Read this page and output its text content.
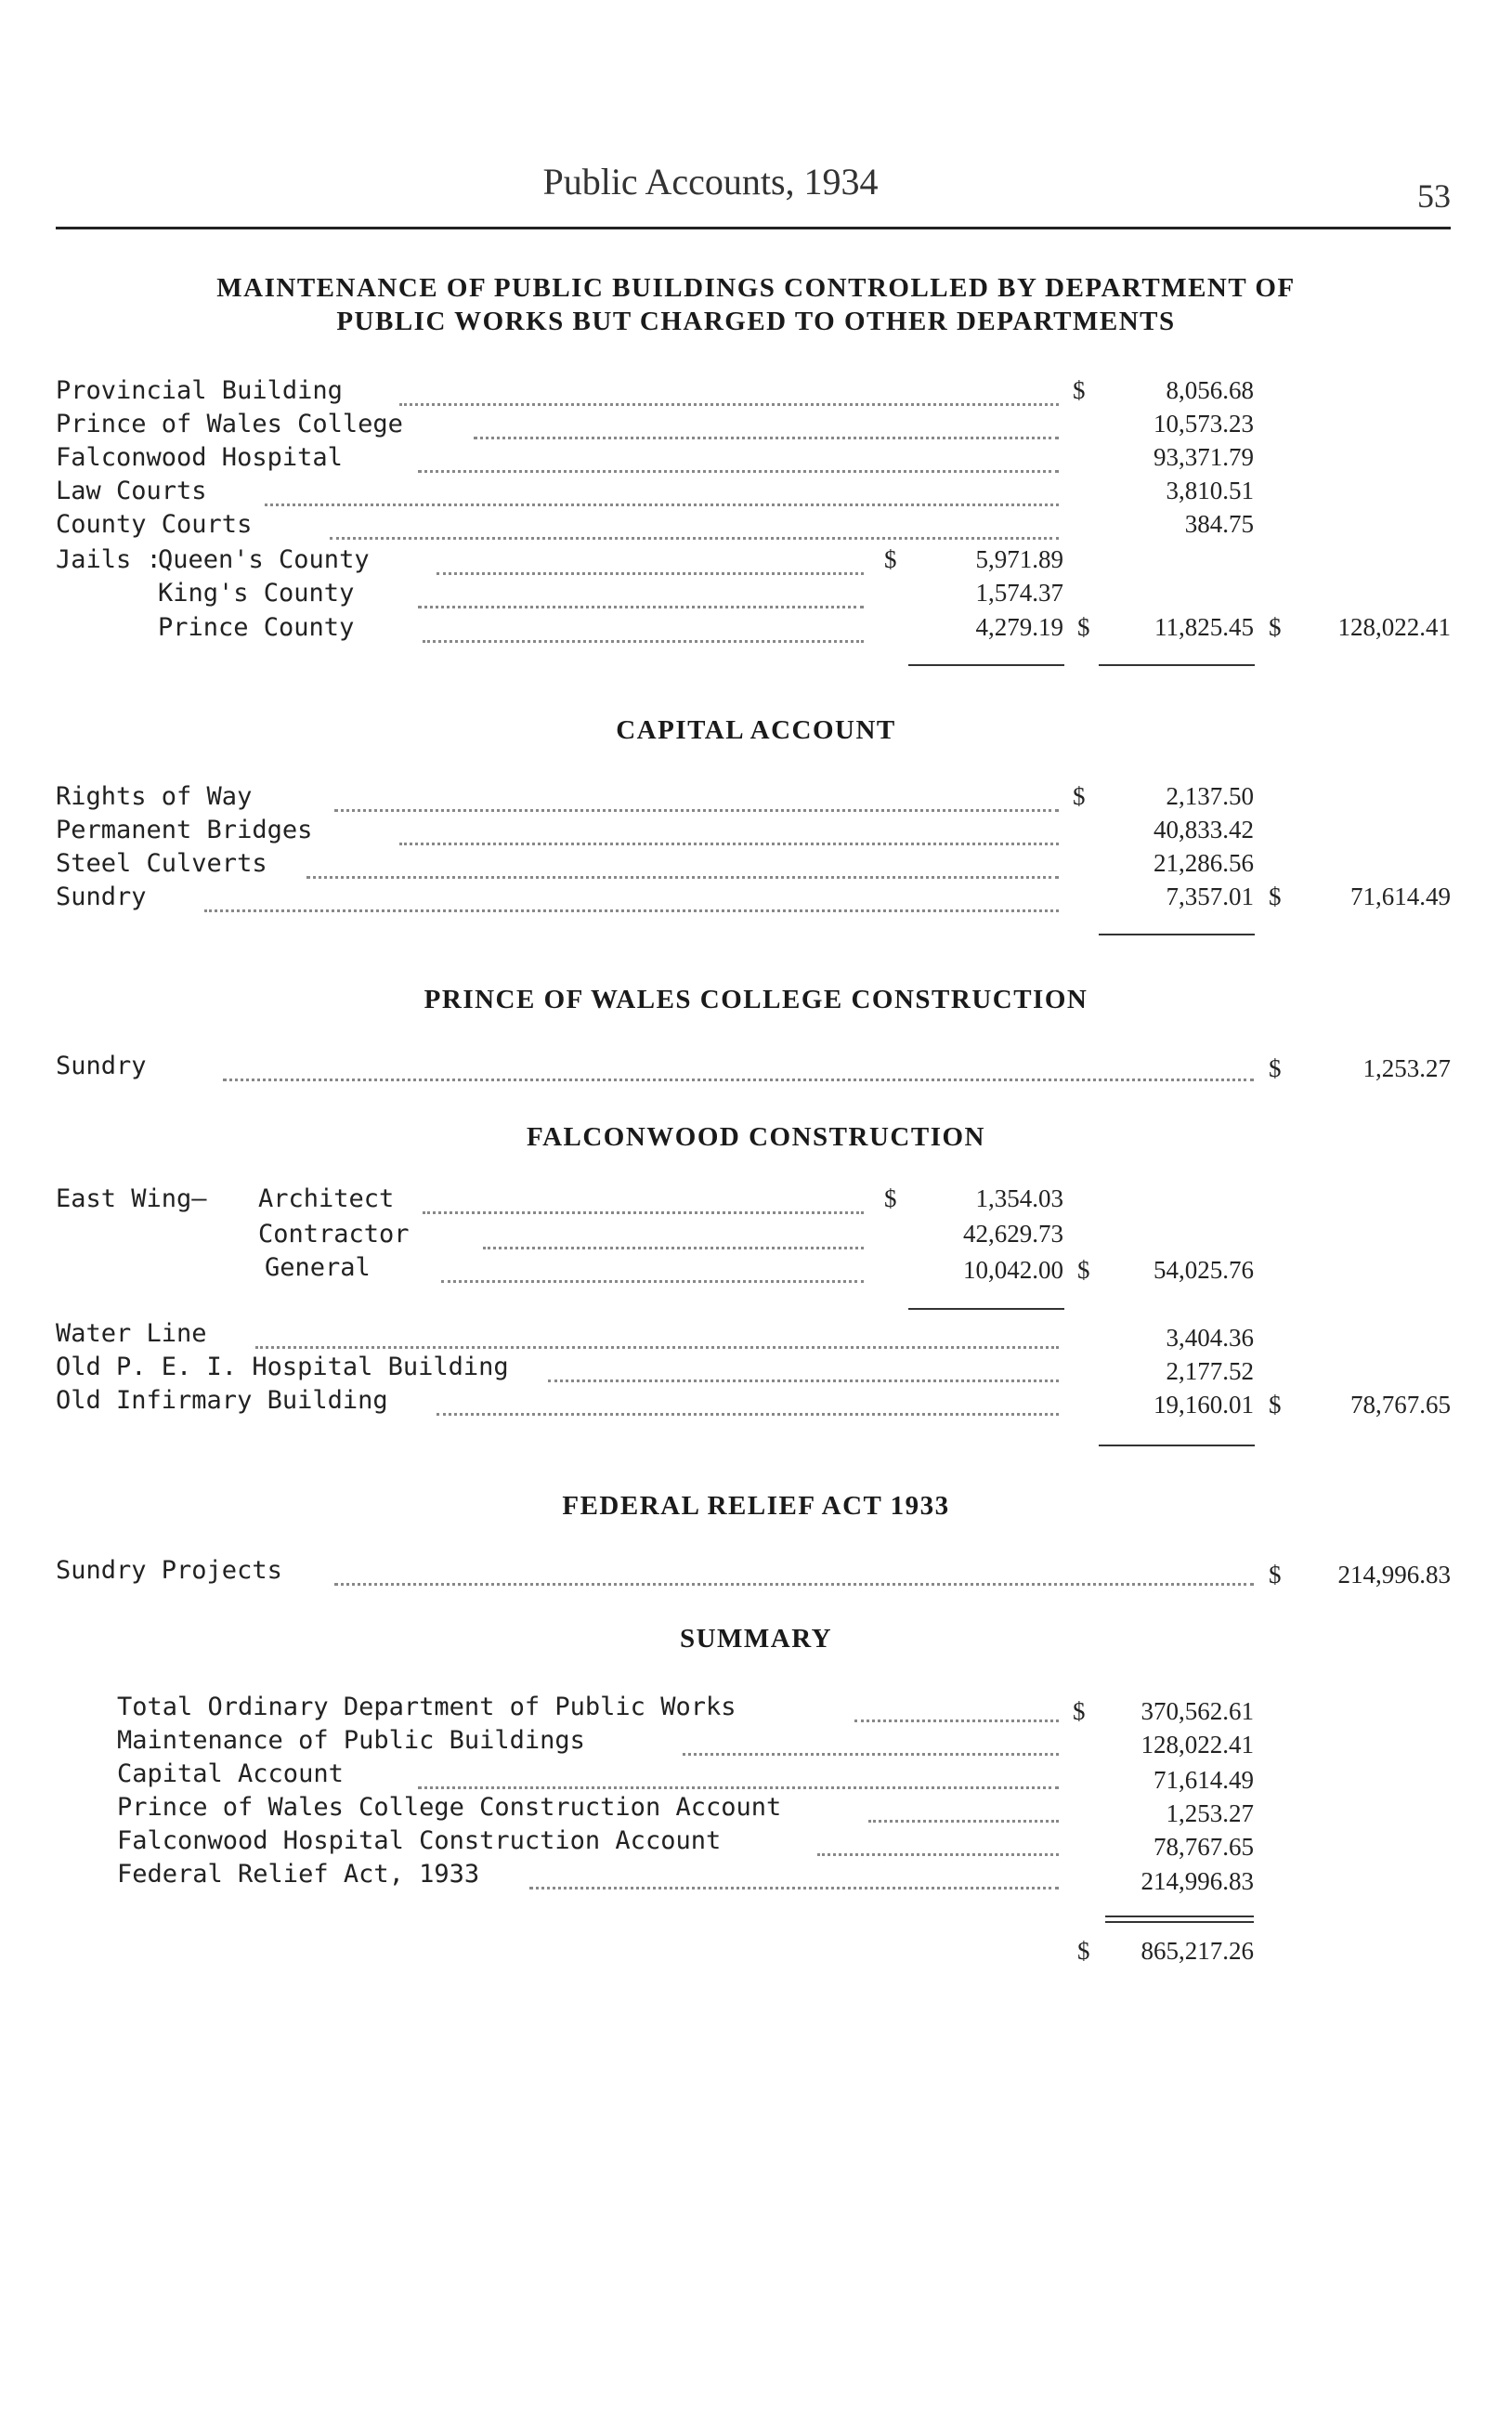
Public Accounts, 1934	53
MAINTENANCE OF PUBLIC BUILDINGS CONTROLLED BY DEPARTMENT OF
PUBLIC WORKS BUT CHARGED TO OTHER DEPARTMENTS
Provincial Building	$	8,056.68
Prince of Wales College	10,573.23
Falconwood Hospital	93,371.79
Law Courts	3,810.51
County Courts	384.75
Jails :
Queen's County	$	5,971.89
King's County	1,574.37
Prince County	4,279.19 $	11,825.45 $	128,022.41
CAPITAL ACCOUNT
Rights of Way	$	2,137.50
Permanent Bridges	40,833.42
Steel Culverts	21,286.56
Sundry	7,357.01 $	71,614.49
PRINCE OF WALES COLLEGE CONSTRUCTION
Sundry	$	1,253.27
FALCONWOOD CONSTRUCTION
East Wing— Architect	$	1,354.03
Contractor	42,629.73
General	10,042.00 $	54,025.76
Water Line	3,404.36
Old P. E. I. Hospital Building	2,177.52
Old Infirmary Building	19,160.01 $	78,767.65
FEDERAL RELIEF ACT 1933
Sundry Projects	$	214,996.83
SUMMARY
Total Ordinary Department of Public Works	$	370,562.61
Maintenance of Public Buildings	128,022.41
Capital Account	71,614.49
Prince of Wales College Construction Account	1,253.27
Falconwood Hospital Construction Account	78,767.65
Federal Relief Act, 1933	214,996.83
$	865,217.26
